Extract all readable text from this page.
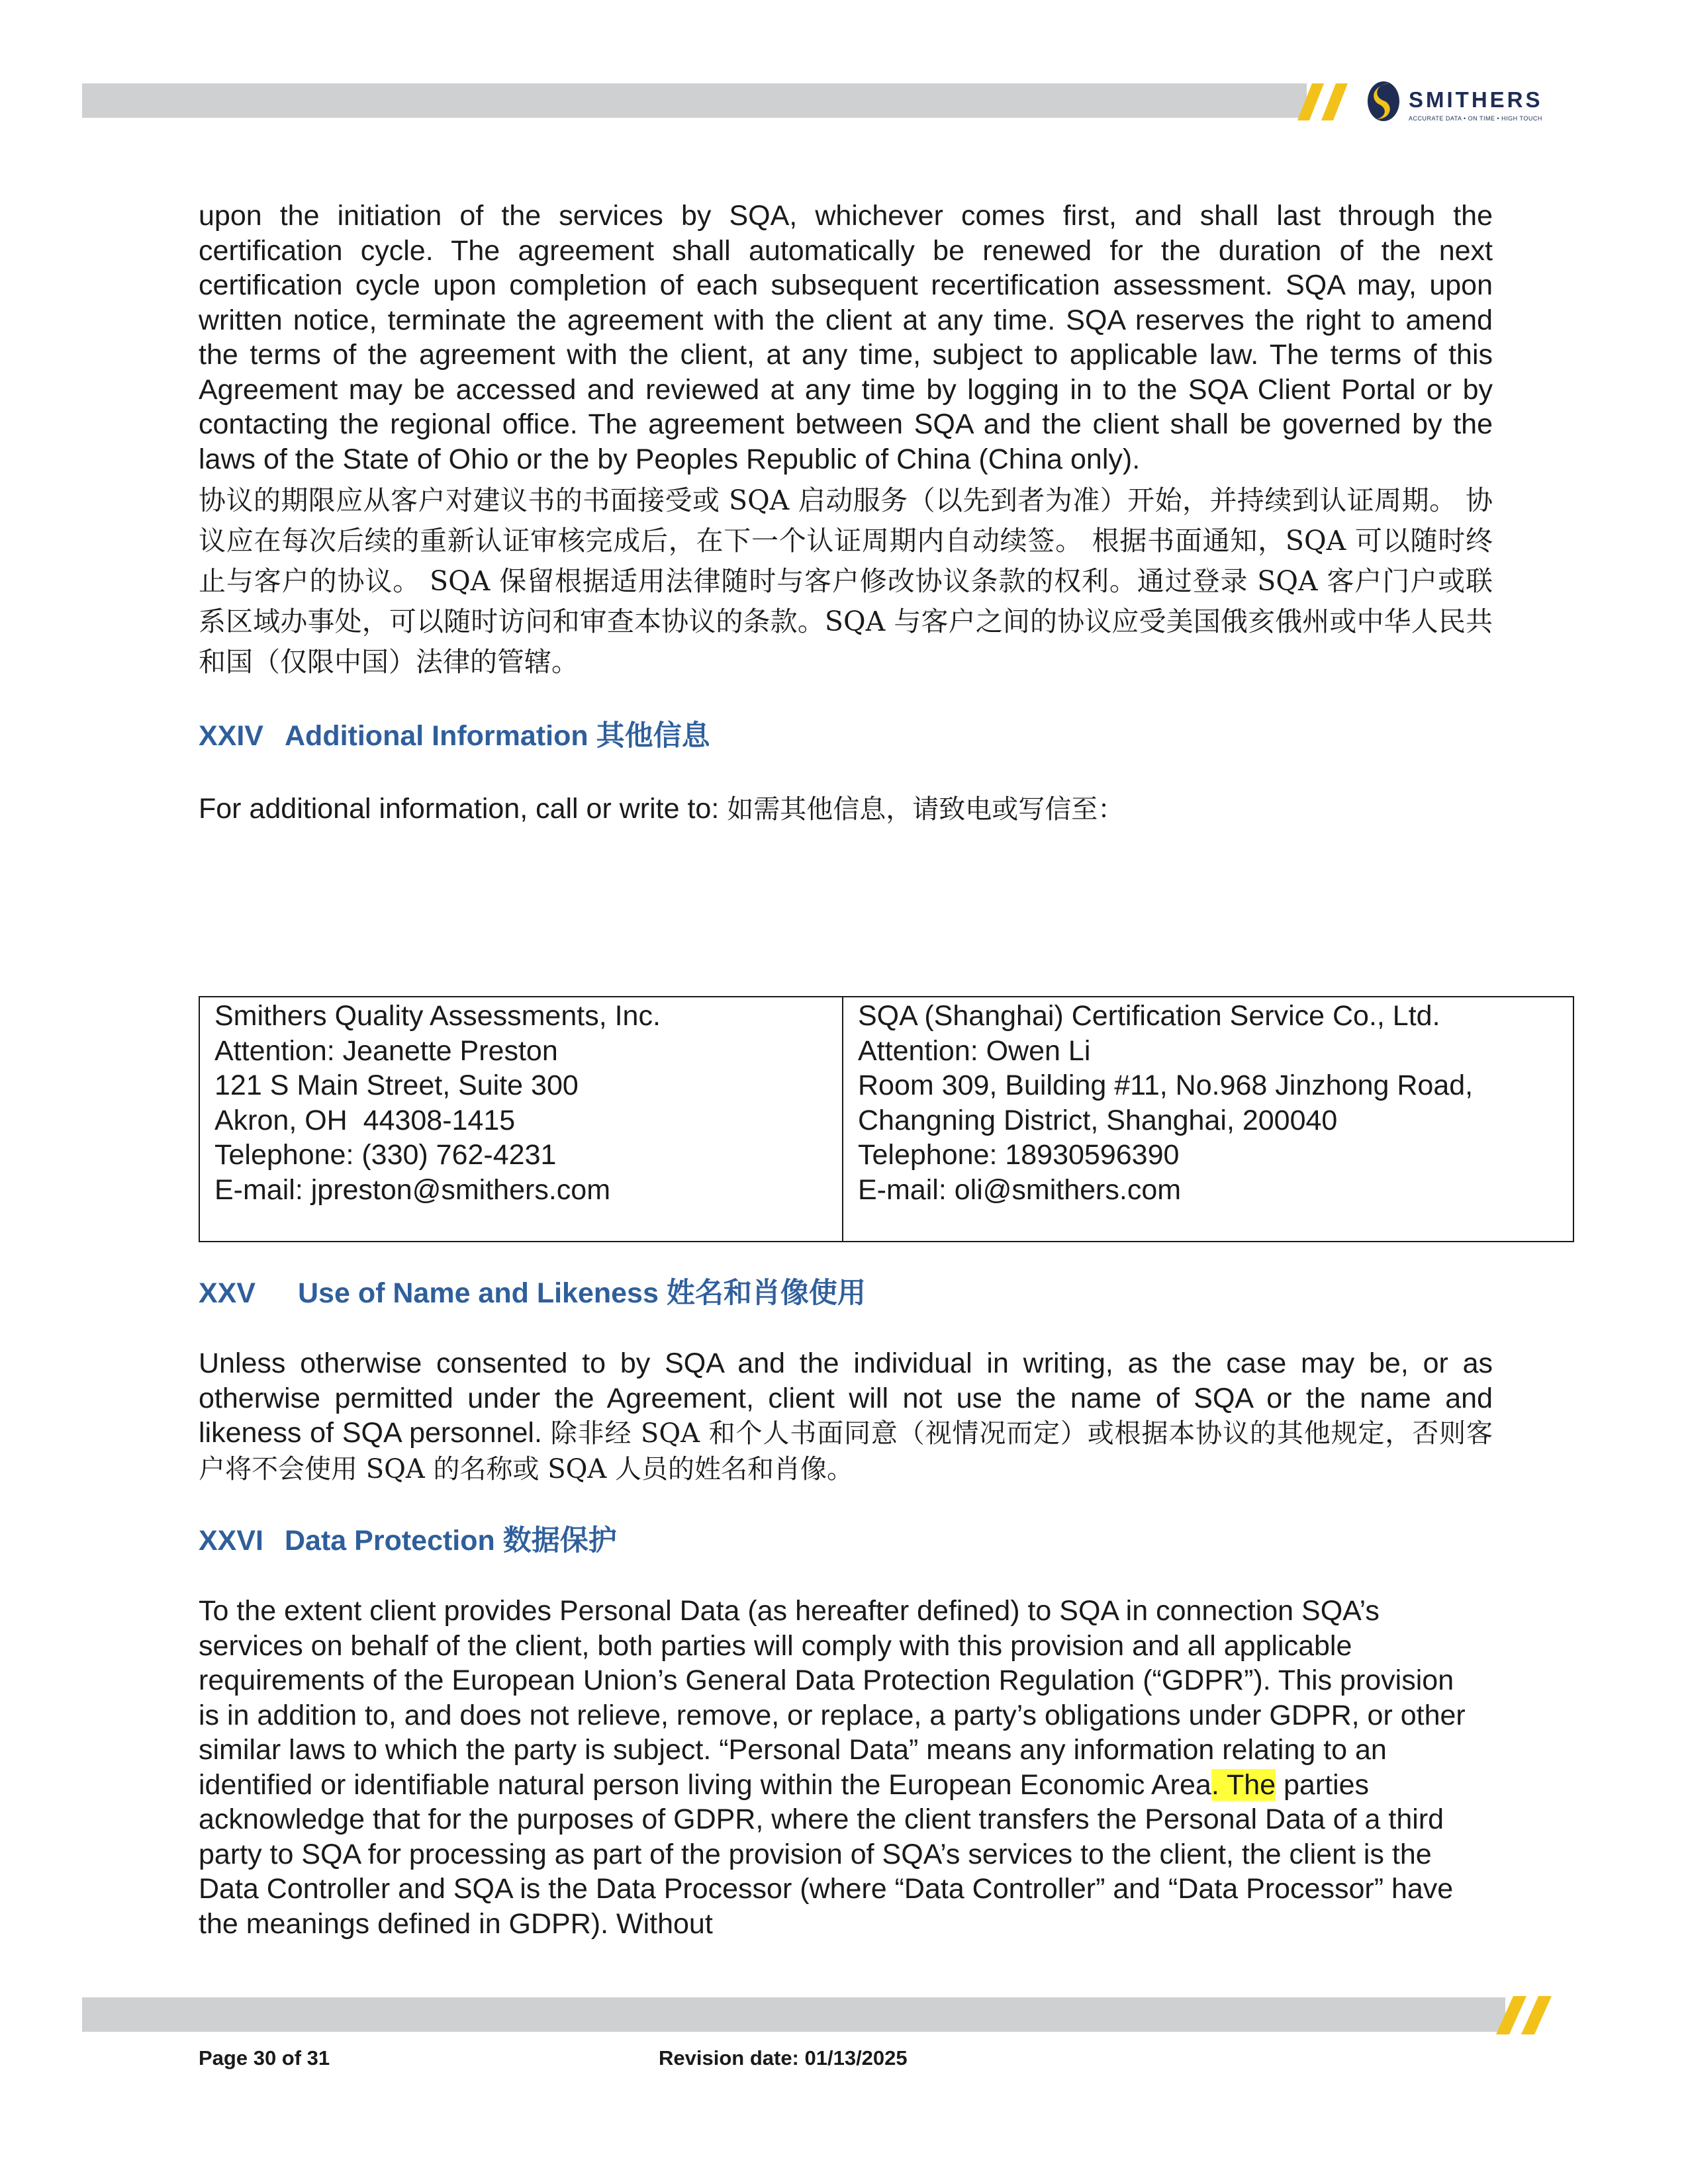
SMITHERS
ACCURATE DATA • ON TIME • HIGH TOUCH

upon the initiation of the services by SQA, whichever comes first, and shall last through the certification cycle. The agreement shall automatically be renewed for the duration of the next certification cycle upon completion of each subsequent recertification assessment. SQA may, upon written notice, terminate the agreement with the client at any time. SQA reserves the right to amend the terms of the agreement with the client, at any time, subject to applicable law. The terms of this Agreement may be accessed and reviewed at any time by logging in to the SQA Client Portal or by contacting the regional office. The agreement between SQA and the client shall be governed by the laws of the State of Ohio or the by Peoples Republic of China (China only).

协议的期限应从客户对建议书的书面接受或 SQA 启动服务（以先到者为准）开始，并持续到认证周期。 协议应在每次后续的重新认证审核完成后，在下一个认证周期内自动续签。 根据书面通知，SQA 可以随时终止与客户的协议。 SQA 保留根据适用法律随时与客户修改协议条款的权利。通过登录 SQA 客户门户或联系区域办事处，可以随时访问和审查本协议的条款。SQA 与客户之间的协议应受美国俄亥俄州或中华人民共和国（仅限中国）法律的管辖。

XXIV Additional Information 其他信息

For additional information, call or write to: 如需其他信息，请致电或写信至：

Smithers Quality Assessments, Inc.
Attention: Jeanette Preston
121 S Main Street, Suite 300
Akron, OH  44308-1415
Telephone: (330) 762-4231
E-mail: jpreston@smithers.com

SQA (Shanghai) Certification Service Co., Ltd.
Attention: Owen Li
Room 309, Building #11, No.968 Jinzhong Road,
Changning District, Shanghai, 200040
Telephone: 18930596390
E-mail: oli@smithers.com
XXV Use of Name and Likeness 姓名和肖像使用

Unless otherwise consented to by SQA and the individual in writing, as the case may be, or as otherwise permitted under the Agreement, client will not use the name of SQA or the name and likeness of SQA personnel. 除非经 SQA 和个人书面同意（视情况而定）或根据本协议的其他规定，否则客户将不会使用 SQA 的名称或 SQA 人员的姓名和肖像。

XXVI Data Protection 数据保护

To the extent client provides Personal Data (as hereafter defined) to SQA in connection SQA’s services on behalf of the client, both parties will comply with this provision and all applicable requirements of the European Union’s General Data Protection Regulation (“GDPR”). This provision is in addition to, and does not relieve, remove, or replace, a party’s obligations under GDPR, or other similar laws to which the party is subject. “Personal Data” means any information relating to an identified or identifiable natural person living within the European Economic Area. The parties acknowledge that for the purposes of GDPR, where the client transfers the Personal Data of a third party to SQA for processing as part of the provision of SQA’s services to the client, the client is the Data Controller and SQA is the Data Processor (where “Data Controller” and “Data Processor” have the meanings defined in GDPR). Without

Page 30 of 31	Revision date: 01/13/2025
